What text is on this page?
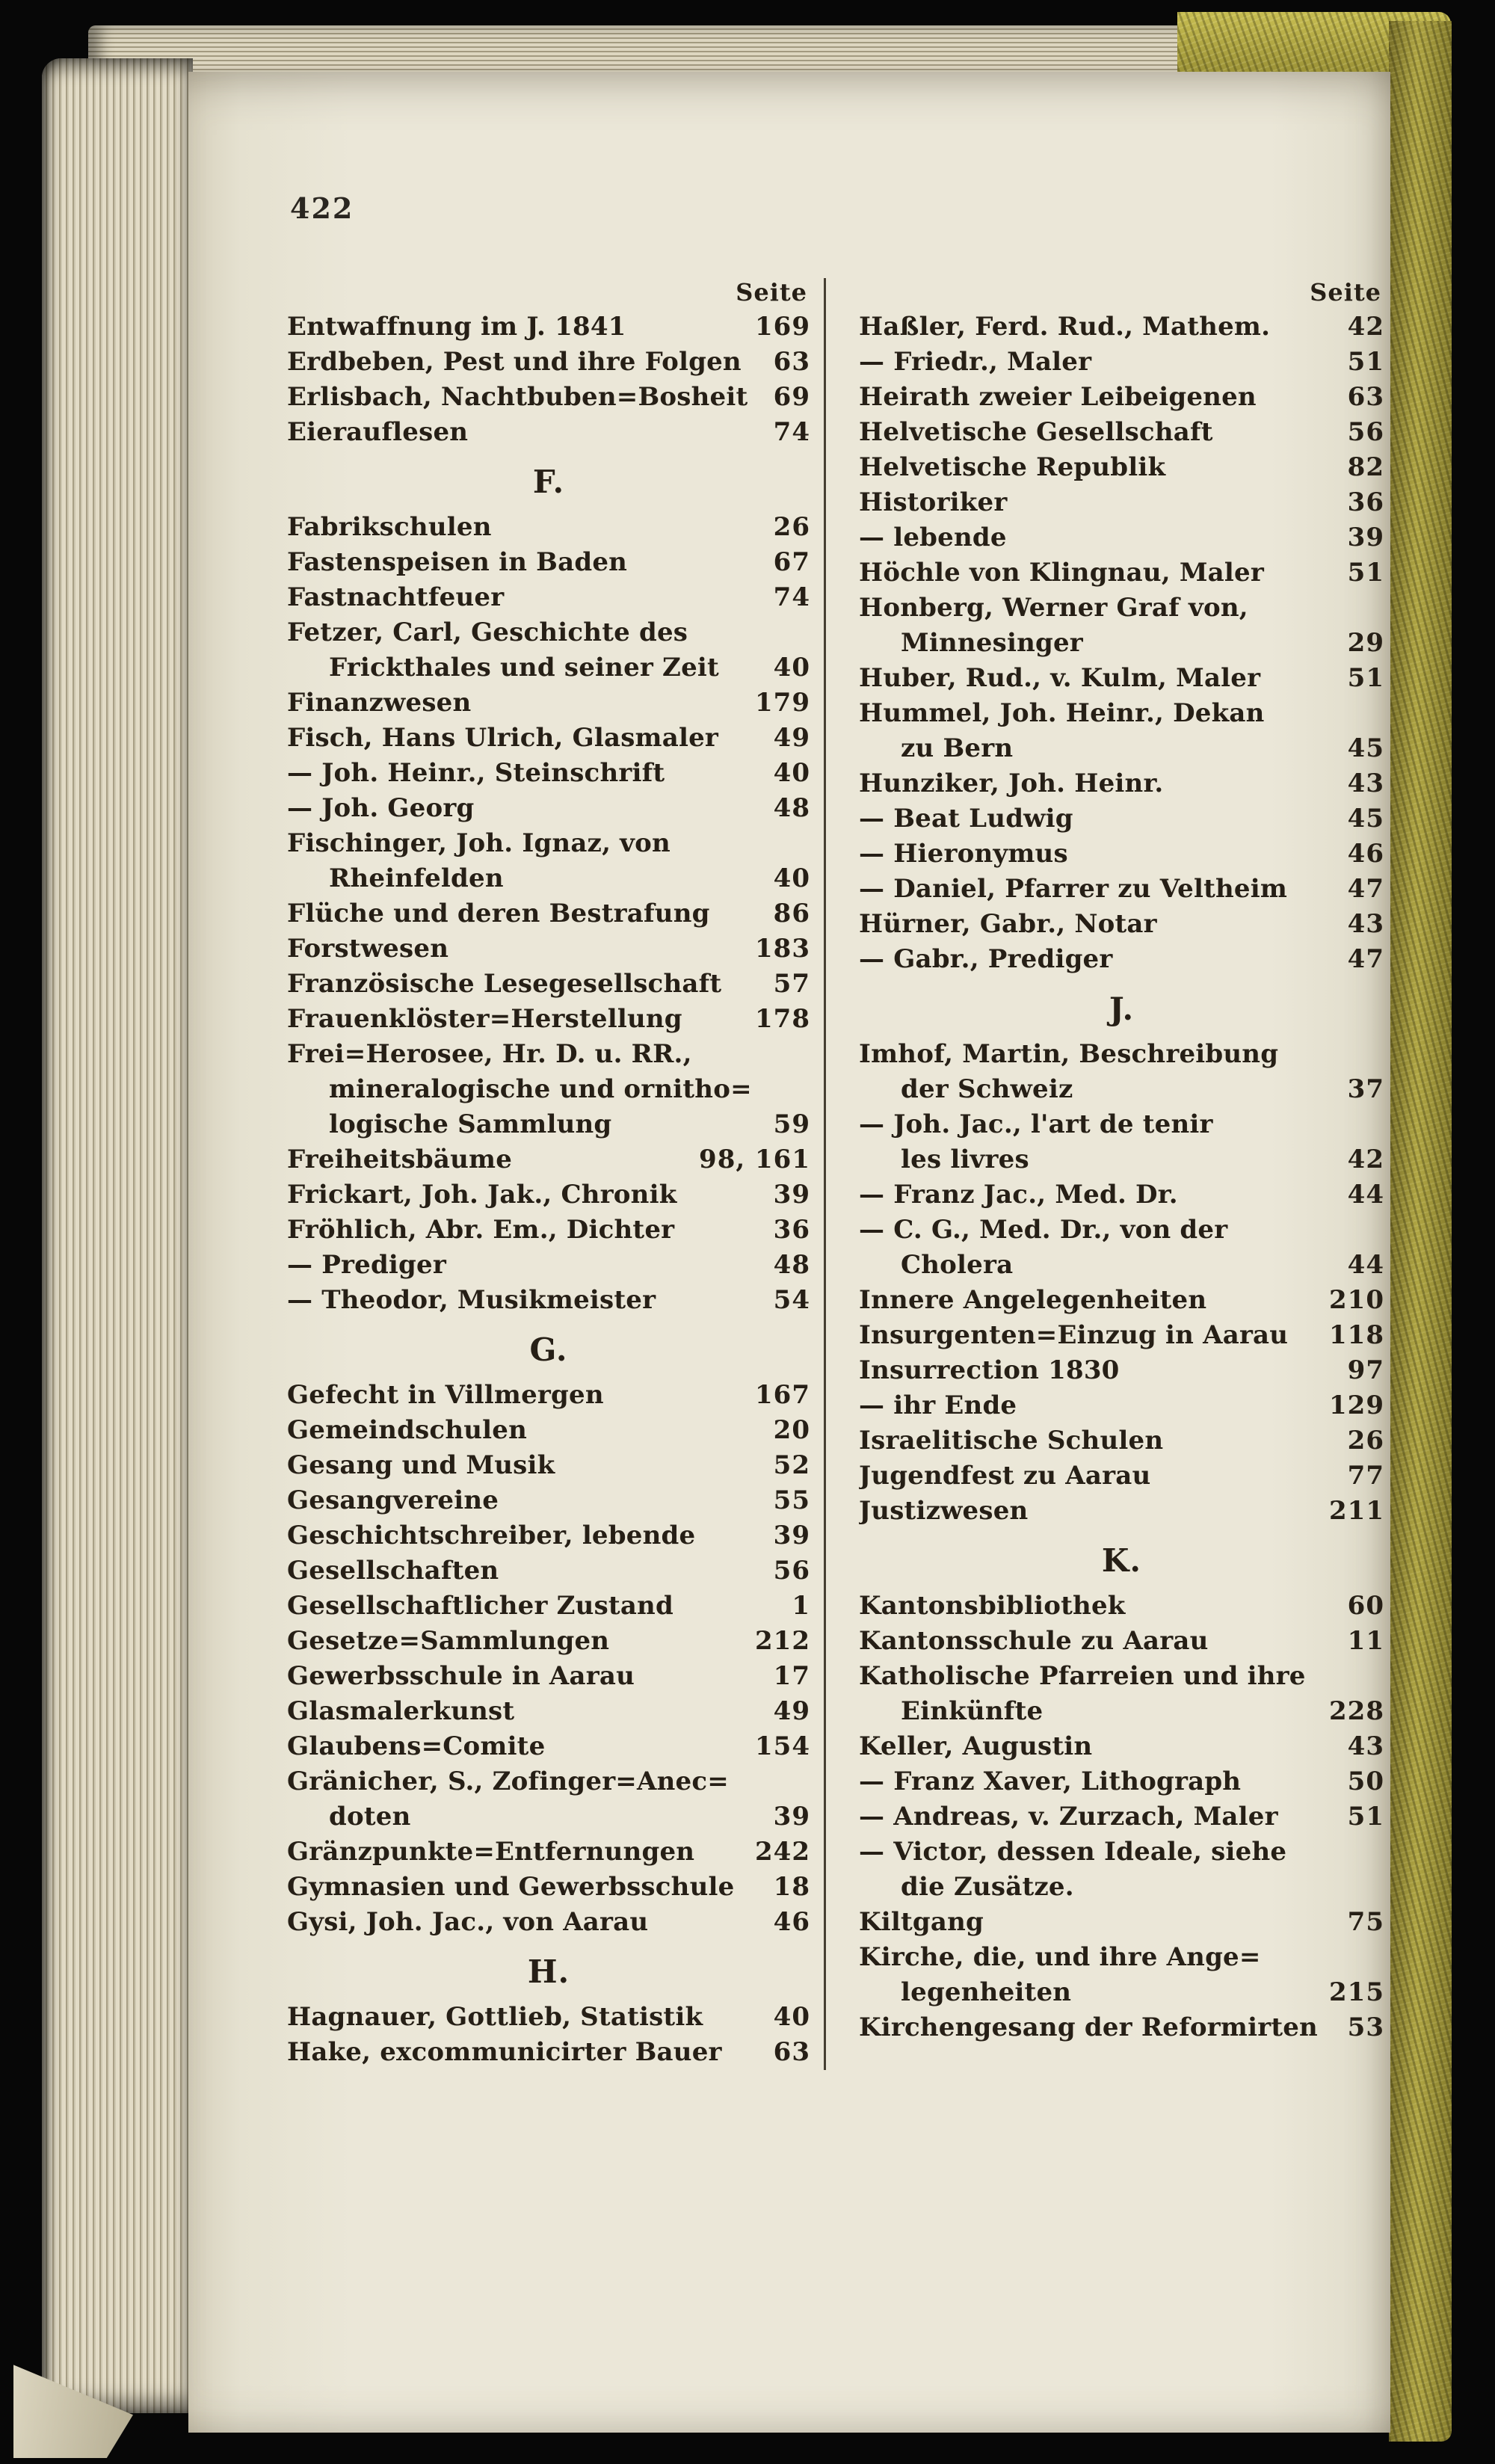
422
Seite
Entwaffnung im J. 1841	169
Erdbeben, Pest und ihre Folgen	63
Erlisbach, Nachtbuben=Bosheit	69
Eierauflesen	74
F.
Fabrikschulen	26
Fastenspeisen in Baden	67
Fastnachtfeuer	74
Fetzer, Carl, Geschichte des
Frickthales und seiner Zeit	40
Finanzwesen	179
Fisch, Hans Ulrich, Glasmaler	49
— Joh. Heinr., Steinschrift	40
— Joh. Georg	48
Fischinger, Joh. Ignaz, von
Rheinfelden	40
Flüche und deren Bestrafung	86
Forstwesen	183
Französische Lesegesellschaft	57
Frauenklöster=Herstellung	178
Frei=Herosee, Hr. D. u. RR.,
mineralogische und ornitho=
logische Sammlung	59
Freiheitsbäume	98, 161
Frickart, Joh. Jak., Chronik	39
Fröhlich, Abr. Em., Dichter	36
— Prediger	48
— Theodor, Musikmeister	54
G.
Gefecht in Villmergen	167
Gemeindschulen	20
Gesang und Musik	52
Gesangvereine	55
Geschichtschreiber, lebende	39
Gesellschaften	56
Gesellschaftlicher Zustand	1
Gesetze=Sammlungen	212
Gewerbsschule in Aarau	17
Glasmalerkunst	49
Glaubens=Comite	154
Gränicher, S., Zofinger=Anec=
doten	39
Gränzpunkte=Entfernungen	242
Gymnasien und Gewerbsschule	18
Gysi, Joh. Jac., von Aarau	46
H.
Hagnauer, Gottlieb, Statistik	40
Hake, excommunicirter Bauer	63
Seite
Haßler, Ferd. Rud., Mathem.	42
— Friedr., Maler	51
Heirath zweier Leibeigenen	63
Helvetische Gesellschaft	56
Helvetische Republik	82
Historiker	36
— lebende	39
Höchle von Klingnau, Maler	51
Honberg, Werner Graf von,
Minnesinger	29
Huber, Rud., v. Kulm, Maler	51
Hummel, Joh. Heinr., Dekan
zu Bern	45
Hunziker, Joh. Heinr.	43
— Beat Ludwig	45
— Hieronymus	46
— Daniel, Pfarrer zu Veltheim	47
Hürner, Gabr., Notar	43
— Gabr., Prediger	47
J.
Imhof, Martin, Beschreibung
der Schweiz	37
— Joh. Jac., l'art de tenir
les livres	42
— Franz Jac., Med. Dr.	44
— C. G., Med. Dr., von der
Cholera	44
Innere Angelegenheiten	210
Insurgenten=Einzug in Aarau	118
Insurrection 1830	97
— ihr Ende	129
Israelitische Schulen	26
Jugendfest zu Aarau	77
Justizwesen	211
K.
Kantonsbibliothek	60
Kantonsschule zu Aarau	11
Katholische Pfarreien und ihre
Einkünfte	228
Keller, Augustin	43
— Franz Xaver, Lithograph	50
— Andreas, v. Zurzach, Maler	51
— Victor, dessen Ideale, siehe
die Zusätze.
Kiltgang	75
Kirche, die, und ihre Ange=
legenheiten	215
Kirchengesang der Reformirten	53
